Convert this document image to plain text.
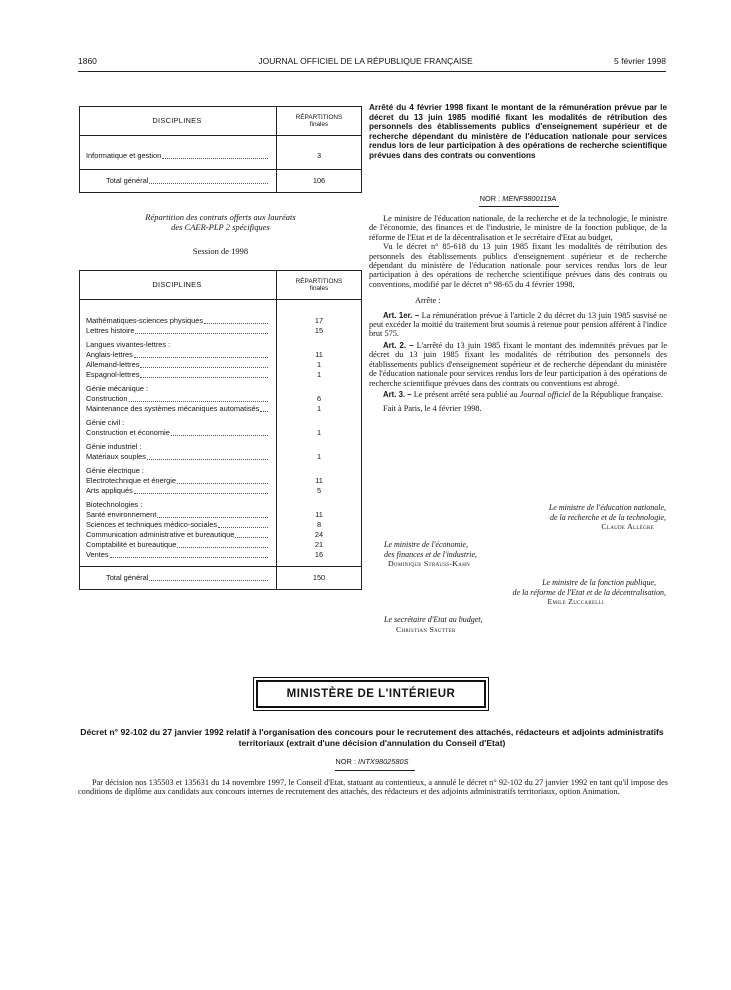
1860	JOURNAL OFFICIEL DE LA RÉPUBLIQUE FRANÇAISE	5 février 1998
DISCIPLINES	RÉPARTITIONS
finales

Informatique et gestion	3

Total général	106
Répartition des contrats offerts aux lauréats
des CAER-PLP 2 spécifiques
Session de 1998
DISCIPLINES	RÉPARTITIONS
finales

Mathématiques-sciences physiques	17

Lettres histoire	15

Langues vivantes-lettres :	

Anglais-lettres	11

Allemand-lettres	1

Espagnol-lettres	1

Génie mécanique :	

Construction	6

Maintenance des systèmes mécaniques automatisés	1

Génie civil :	

Construction et économie	1

Génie industriel :	

Matériaux souples	1

Génie électrique :	

Electrotechnique et énergie	11

Arts appliqués	5

Biotechnologies :	

Santé environnement	11

Sciences et techniques médico-sociales	8

Communication administrative et bureautique	24

Comptabilité et bureautique	21

Ventes	16

Total général	150
Arrêté du 4 février 1998 fixant le montant de la rémunération prévue par le décret du 13 juin 1985 modifié fixant les modalités de rétribution des personnels des établissements publics d'enseignement supérieur et de recherche dépendant du ministère de l'éducation nationale pour services rendus lors de leur participation à des opérations de recherche scientifique prévues dans des contrats ou conventions
NOR : MENF9800119A

Le ministre de l'éducation nationale, de la recherche et de la technologie, le ministre de l'économie, des finances et de l'industrie, le ministre de la fonction publique, de la réforme de l'Etat et de la décentralisation et le secrétaire d'Etat au budget,

Vu le décret n° 85-618 du 13 juin 1985 fixant les modalités de rétribution des personnels des établissements publics d'enseignement supérieur et de recherche dépendant du ministère de l'éducation nationale pour services rendus lors de leur participation à des opérations de recherche scientifique prévues dans des contrats ou conventions, modifié par le décret n° 98-65 du 4 février 1998,

Arrête :

Art. 1er. – La rémunération prévue à l'article 2 du décret du 13 juin 1985 susvisé ne peut excéder la moitié du traitement brut soumis à retenue pour pension afférent à l'indice brut 575.

Art. 2. – L'arrêté du 13 juin 1985 fixant le montant des indemnités prévues par le décret du 13 juin 1985 fixant les modalités de rétribution des personnels des établissements publics d'enseignement supérieur et de recherche dépendant du ministère de l'éducation nationale pour services rendus lors de leur participation à des opérations de recherche scientifique prévues dans des contrats ou conventions est abrogé.

Art. 3. – Le présent arrêté sera publié au Journal officiel de la République française.

Fait à Paris, le 4 février 1998.

Le ministre de l'éducation nationale,
de la recherche et de la technologie,
Claude Allègre
Le ministre de l'économie,
des finances et de l'industrie,
Dominique Strauss-Kahn
Le ministre de la fonction publique,
de la réforme de l'Etat et de la décentralisation,
Emile Zuccarelli
Le secrétaire d'Etat au budget,
Christian Sautter
MINISTÈRE DE L'INTÉRIEUR
Décret n° 92-102 du 27 janvier 1992 relatif à l'organisation des concours pour le recrutement des attachés, rédacteurs et adjoints administratifs territoriaux (extrait d'une décision d'annulation du Conseil d'Etat)
NOR : INTX9802580S

Par décision nos 135503 et 135631 du 14 novembre 1997, le Conseil d'Etat, statuant au contentieux, a annulé le décret n° 92-102 du 27 janvier 1992 en tant qu'il impose des conditions de diplôme aux candidats aux concours internes de recrutement des attachés, des rédacteurs et des adjoints administratifs territoriaux, option Animation.
